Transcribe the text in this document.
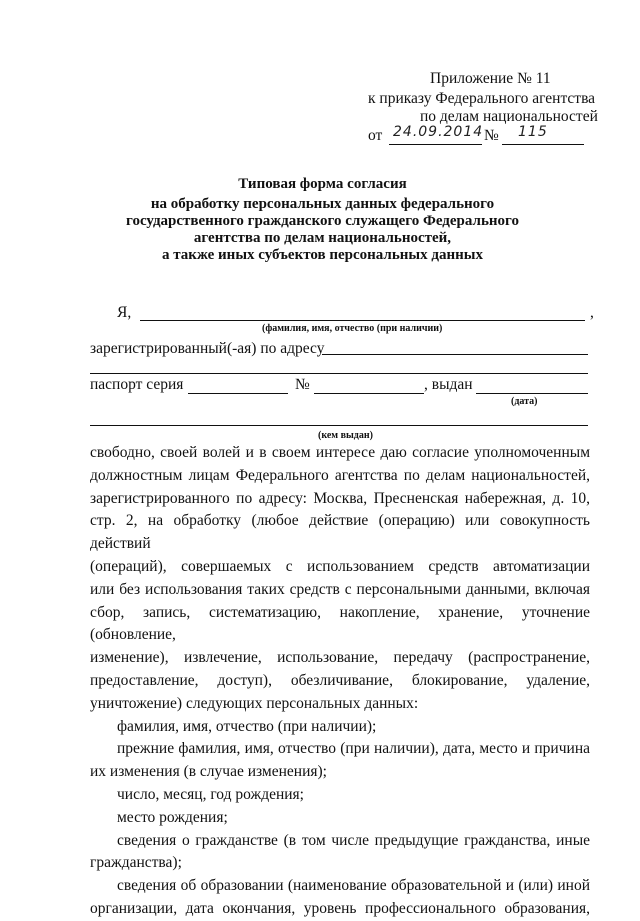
Приложение № 11
к приказу Федерального агентства
по делам национальностей
от 24.09.2014 № 115
Типовая форма согласия
на обработку персональных данных федерального
государственного гражданского служащего Федерального
агентства по делам национальностей,
а также иных субъектов персональных данных
Я,	,
(фамилия, имя, отчество (при наличии)
зарегистрированный(-ая) по адресу
паспорт серия	№	, выдан
(дата)
(кем выдан)

свободно, своей волей и в своем интересе даю согласие уполномоченным

должностным лицам Федерального агентства по делам национальностей,

зарегистрированного по адресу: Москва, Пресненская набережная, д. 10,

стр. 2, на обработку (любое действие (операцию) или совокупность действий

(операций), совершаемых с использованием средств автоматизации

или без использования таких средств с персональными данными, включая

сбор, запись, систематизацию, накопление, хранение, уточнение (обновление,

изменение), извлечение, использование, передачу (распространение,

предоставление, доступ), обезличивание, блокирование, удаление,

уничтожение) следующих персональных данных:

фамилия, имя, отчество (при наличии);

прежние фамилия, имя, отчество (при наличии), дата, место и причина

их изменения (в случае изменения);

число, месяц, год рождения;

место рождения;

сведения о гражданстве (в том числе предыдущие гражданства, иные

гражданства);

сведения об образовании (наименование образовательной и (или) иной

организации, дата окончания, уровень профессионального образования,
